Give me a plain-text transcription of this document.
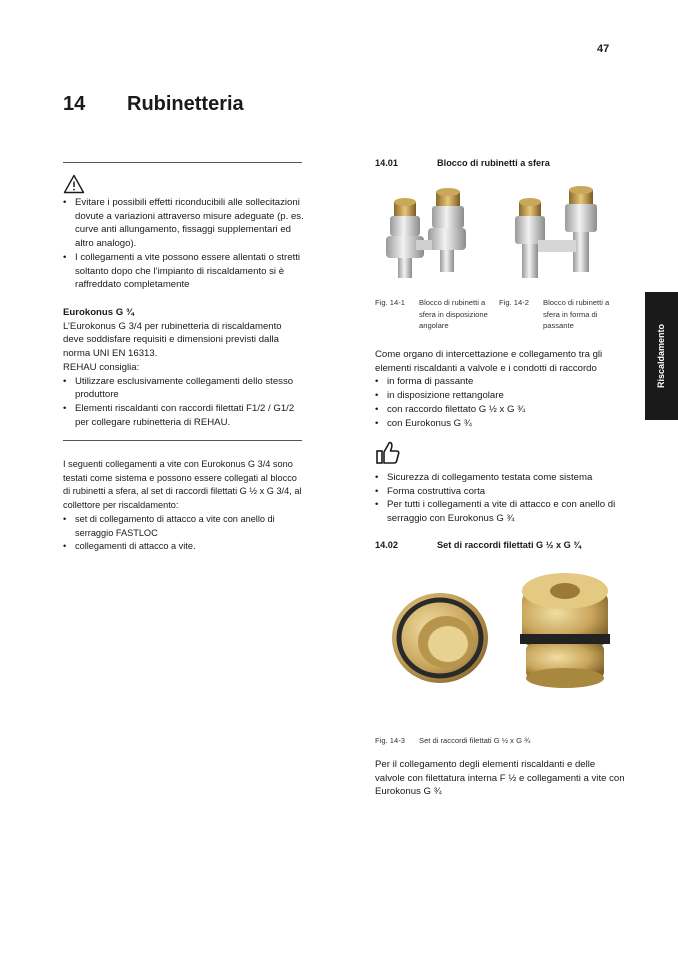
47
Riscaldamento
14 Rubinetteria
• Evitare i possibili effetti riconducibili alle sollecitazioni dovute a variazioni attraverso misure adeguate (p. es. curve anti allungamento, fissaggi supplementari ed altro analogo).
• I collegamenti a vite possono essere allentati o stretti soltanto dopo che l’impianto di riscaldamento si è raffreddato completamente

Eurokonus G ¾

L’Eurokonus G 3/4 per rubinetteria di riscaldamento deve soddisfare requisiti e dimensioni previsti dalla norma UNI EN 16313.

REHAU consiglia:

• Utilizzare esclusivamente collegamenti dello stesso produttore
• Elementi riscaldanti con raccordi filettati F1/2 / G1/2 per collegare rubinetteria di REHAU.

I seguenti collegamenti a vite con Eurokonus G 3/4 sono testati come sistema e possono essere collegati al blocco di rubinetti a sfera, al set di raccordi filettati G ½ x G 3/4, al collettore per riscaldamento:

• set di collegamento di attacco a vite con anello di serraggio FASTLOC
• collegamenti di attacco a vite.
14.01	Blocco di rubinetti a sfera
Fig. 14-1 Blocco di rubinetti a sfera in disposizione angolare
Fig. 14-2 Blocco di rubinetti a sfera in forma di passante

Come organo di intercettazione e collegamento tra gli elementi riscaldanti a valvole e i condotti di raccordo

• in forma di passante
• in disposizione rettangolare
• con raccordo filettato G ½ x G ¾
• con Eurokonus G ¾
• Sicurezza di collegamento testata come sistema
• Forma costruttiva corta
• Per tutti i collegamenti a vite di attacco e con anello di serraggio con Eurokonus G ¾
14.02	Set di raccordi filettati G ½ x G ¾
Fig. 14-3 Set di raccordi filettati G ½ x G ¾

Per il collegamento degli elementi riscaldanti e delle valvole con filettatura interna F ½ e collegamenti a vite con Eurokonus G ¾
